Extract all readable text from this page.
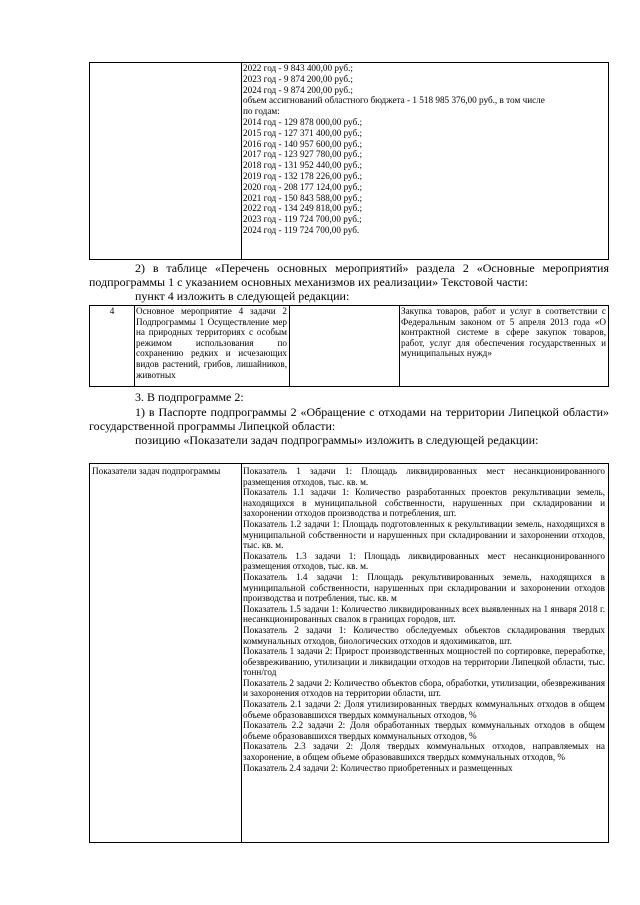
2022 год - 9 843 400,00 руб.;
2023 год - 9 874 200,00 руб.;
2024 год - 9 874 200,00 руб.;
объем ассигнований областного бюджета - 1 518 985 376,00 руб., в том числе
по годам:
2014 год - 129 878 000,00 руб.;
2015 год - 127 371 400,00 руб.;
2016 год - 140 957 600,00 руб.;
2017 год - 123 927 780,00 руб.;
2018 год - 131 952 440,00 руб.;
2019 год - 132 178 226,00 руб.;
2020 год - 208 177 124,00 руб.;
2021 год - 150 843 588,00 руб.;
2022 год - 134 249 818,00 руб.;
2023 год - 119 724 700,00 руб.;
2024 год - 119 724 700,00 руб.
2) в таблице «Перечень основных мероприятий» раздела 2 «Основные мероприятия подпрограммы 1 с указанием основных механизмов их реализации» Текстовой части:
пункт 4 изложить в следующей редакции:
4	Основное мероприятие 4 задачи 2 Подпрограммы 1 Осуществление мер на природных территориях с особым режимом использования по сохранению редких и исчезающих видов растений, грибов, лишайников, животных
Закупка товаров, работ и услуг в соответствии с Федеральным законом от 5 апреля 2013 года «О контрактной системе в сфере закупок товаров, работ, услуг для обеспечения государственных и муниципальных нужд»
3. В подпрограмме 2:
1) в Паспорте подпрограммы 2 «Обращение с отходами на территории Липецкой области» государственной программы Липецкой области:
позицию «Показатели задач подпрограммы» изложить в следующей редакции:
Показатели задач подпрограммы	Показатель 1 задачи 1: Площадь ликвидированных мест несанкционированного размещения отходов, тыс. кв. м.

Показатель 1.1 задачи 1: Количество разработанных проектов рекультивации земель, находящихся в муниципальной собственности, нарушенных при складировании и захоронении отходов производства и потребления, шт.

Показатель 1.2 задачи 1: Площадь подготовленных к рекультивации земель, находящихся в муниципальной собственности и нарушенных при складировании и захоронении отходов, тыс. кв. м.

Показатель 1.3 задачи 1: Площадь ликвидированных мест несанкционированного размещения отходов, тыс. кв. м.

Показатель 1.4 задачи 1: Площадь рекультивированных земель, находящихся в муниципальной собственности, нарушенных при складировании и захоронении отходов производства и потребления, тыс. кв. м

Показатель 1.5 задачи 1: Количество ликвидированных всех выявленных на 1 января 2018 г. несанкционированных свалок в границах городов, шт.

Показатель 2 задачи 1: Количество обследуемых объектов складирования твердых коммунальных отходов, биологических отходов и ядохимикатов, шт.

Показатель 1 задачи 2: Прирост производственных мощностей по сортировке, переработке, обезвреживанию, утилизации и ликвидации отходов на территории Липецкой области, тыс. тонн/год

Показатель 2 задачи 2: Количество объектов сбора, обработки, утилизации, обезвреживания и захоронения отходов на территории области, шт.

Показатель 2.1 задачи 2: Доля утилизированных твердых коммунальных отходов в общем объеме образовавшихся твердых коммунальных отходов, %

Показатель 2.2 задачи 2: Доля обработанных твердых коммунальных отходов в общем объеме образовавшихся твердых коммунальных отходов, %

Показатель 2.3 задачи 2: Доля твердых коммунальных отходов, направляемых на захоронение, в общем объеме образовавшихся твердых коммунальных отходов, %

Показатель 2.4 задачи 2: Количество приобретенных и размещенных
